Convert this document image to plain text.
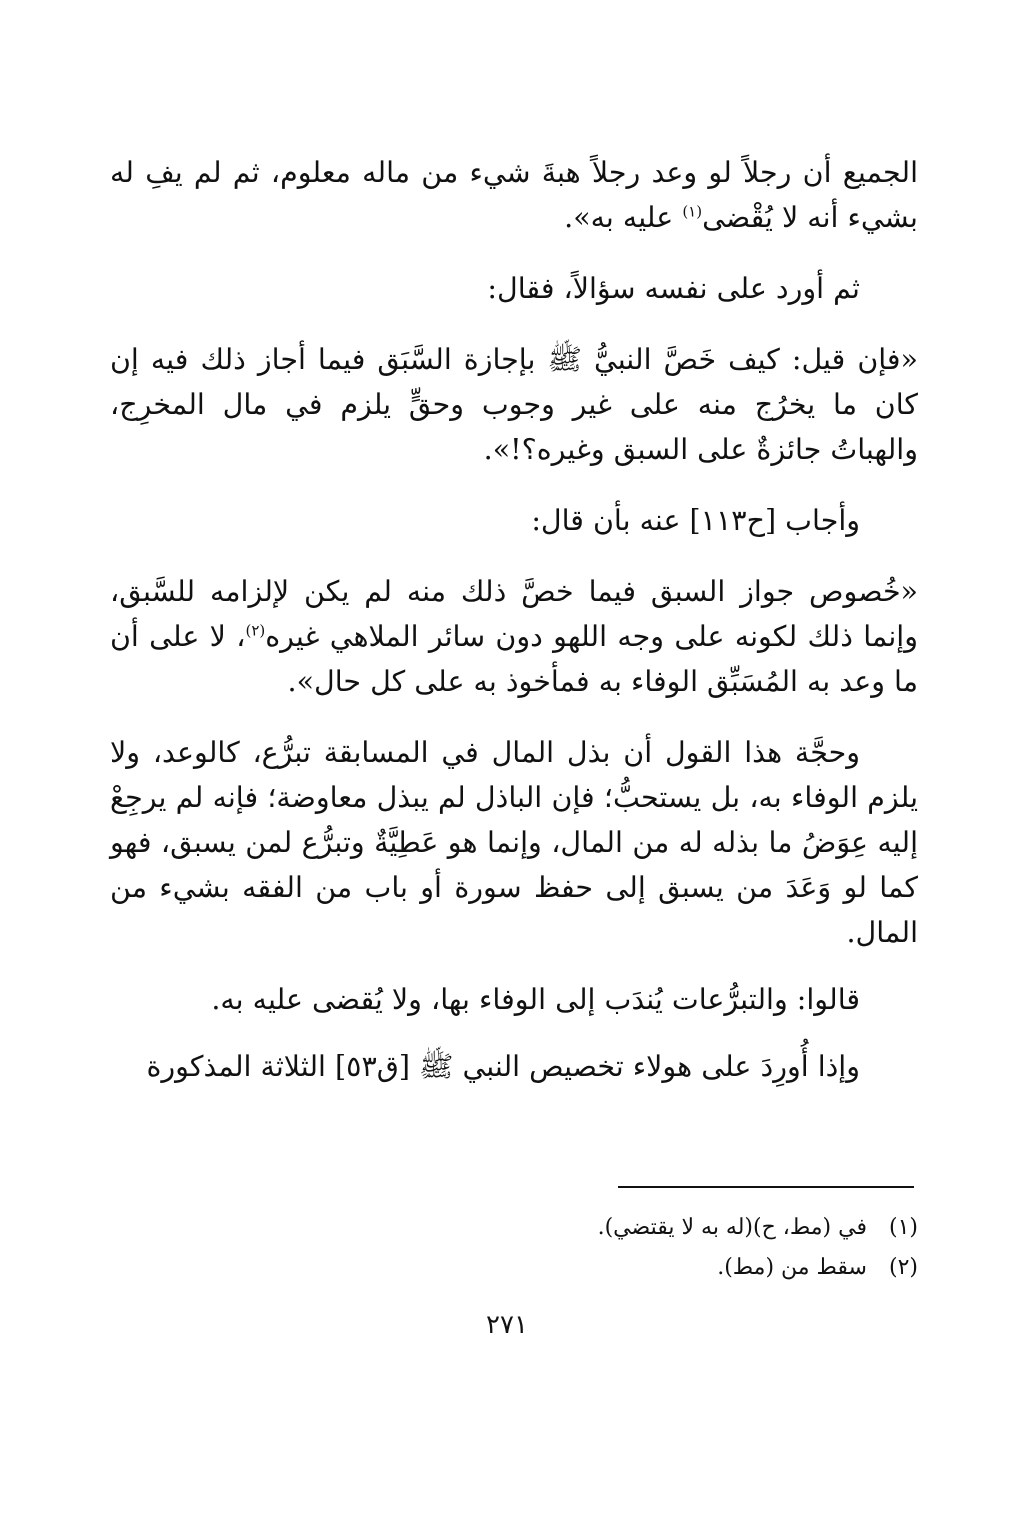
الجميع أن رجلاً لو وعد رجلاً هبةَ شيء من ماله معلوم، ثم لم يفِ له بشيء أنه لا يُقْضى$^{(١)}$ عليه به».

ثم أورد على نفسه سؤالاً، فقال:

«فإن قيل: كيف خَصَّ النبيُّ ﷺ بإجازة السَّبَق فيما أجاز ذلك فيه إن كان ما يخرُج منه على غير وجوب وحقٍّ يلزم في مال المخرِج، والهباتُ جائزةٌ على السبق وغيره؟!».

وأجاب [ح١١٣] عنه بأن قال:

«خُصوص جواز السبق فيما خصَّ ذلك منه لم يكن لإلزامه للسَّبق، وإنما ذلك لكونه على وجه اللهو دون سائر الملاهي غيره$^{(٢)}$، لا على أن ما وعد به المُسَبِّق الوفاء به فمأخوذ به على كل حال».

وحجَّة هذا القول أن بذل المال في المسابقة تبرُّع، كالوعد، ولا يلزم الوفاء به، بل يستحبُّ؛ فإن الباذل لم يبذل معاوضة؛ فإنه لم يرجِعْ إليه عِوَضُ ما بذله له من المال، وإنما هو عَطِيَّةٌ وتبرُّع لمن يسبق، فهو كما لو وَعَدَ من يسبق إلى حفظ سورة أو باب من الفقه بشيء من المال.

قالوا: والتبرُّعات يُندَب إلى الوفاء بها، ولا يُقضى عليه به.

وإذا أُورِدَ على هولاء تخصيص النبي ﷺ [ق٥٣] الثلاثة المذكورة

(١) في (مط، ح)(له به لا يقتضي).

(٢) سقط من (مط).

٢٧١
